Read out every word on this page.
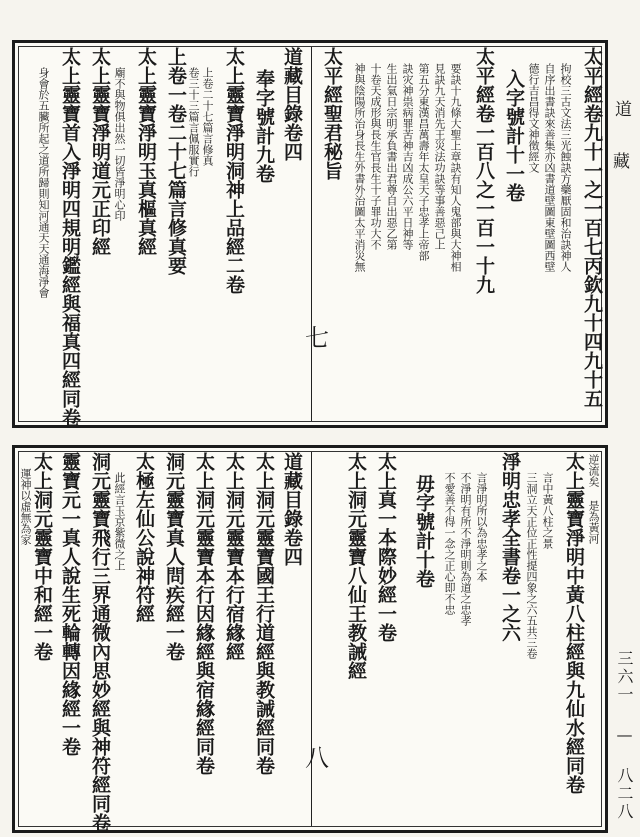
道
藏
三六一 — 八二八
七	太平經卷九十一之一百七丙欽九十四九十五
拘校三古文法三光蝕訣方藥厭固和治訣神人
自序出書訣來善集亦凶書道壁圖東壁圖西壁
德行吉昌得文神徵經文
入字號計十一卷
太平經卷一百八之一百一十九
要訣十九條大聖上章訣有知人鬼部與大神相
見訣九天消先王災法功訣等事善惡己上
第五分東漢昌萬壽年太皇天子忠孝上帝部
訣灾神祟病罪苦神吉凶成公六平日神等
生出氣日宗明承負書出君尊自出惡乙第
十卷天成形與長生官長生十子罪功大不
神與陰陽所治身長生外書外治圖太平消災無
太平經聖君秘旨
道藏目錄卷四
奉字號計九卷
太上靈寶淨明洞神上品經二卷
上卷二十七篇言修真
卷三十三篇言佩服實行
上卷一卷二十七篇言修真要
太上靈寶淨明玉真樞真經
廟不與物俱出然一切皆淨明心印
太上靈寶淨明道元正印經
太上靈寶首入淨明四規明鑑經與福真四經同卷
身會於五臟所起之道所歸則知河通天天通海淨會
八
逆流矣 是為黃河
太上靈寶淨明中黃八柱經與九仙水經同卷
言中黃八柱之景
三洞立天正位正性提四象之六五共三卷
淨明忠孝全書卷一之六
言淨明所以為忠孝之本
不淨明有所不淨明則為道之忠孝
不愛善不得一念之正心即不忠
毋字號計十卷
太上真一本際妙經一卷
太上洞元靈寶八仙王教誡經
道藏目錄卷四
太上洞元靈寶國王行道經與教誡經同卷
太上洞元靈寶本行宿緣經
太上洞元靈寶本行因緣經與宿緣經同卷
洞元靈寶真人問疾經一卷
太極左仙公說神符經
此經言玉京紫微之上
洞元靈寶飛行三界通微內思妙經與神符經同卷
靈寶元一真人說生死輪轉因緣經一卷
太上洞元靈寶中和經一卷
運神以虛無為家
